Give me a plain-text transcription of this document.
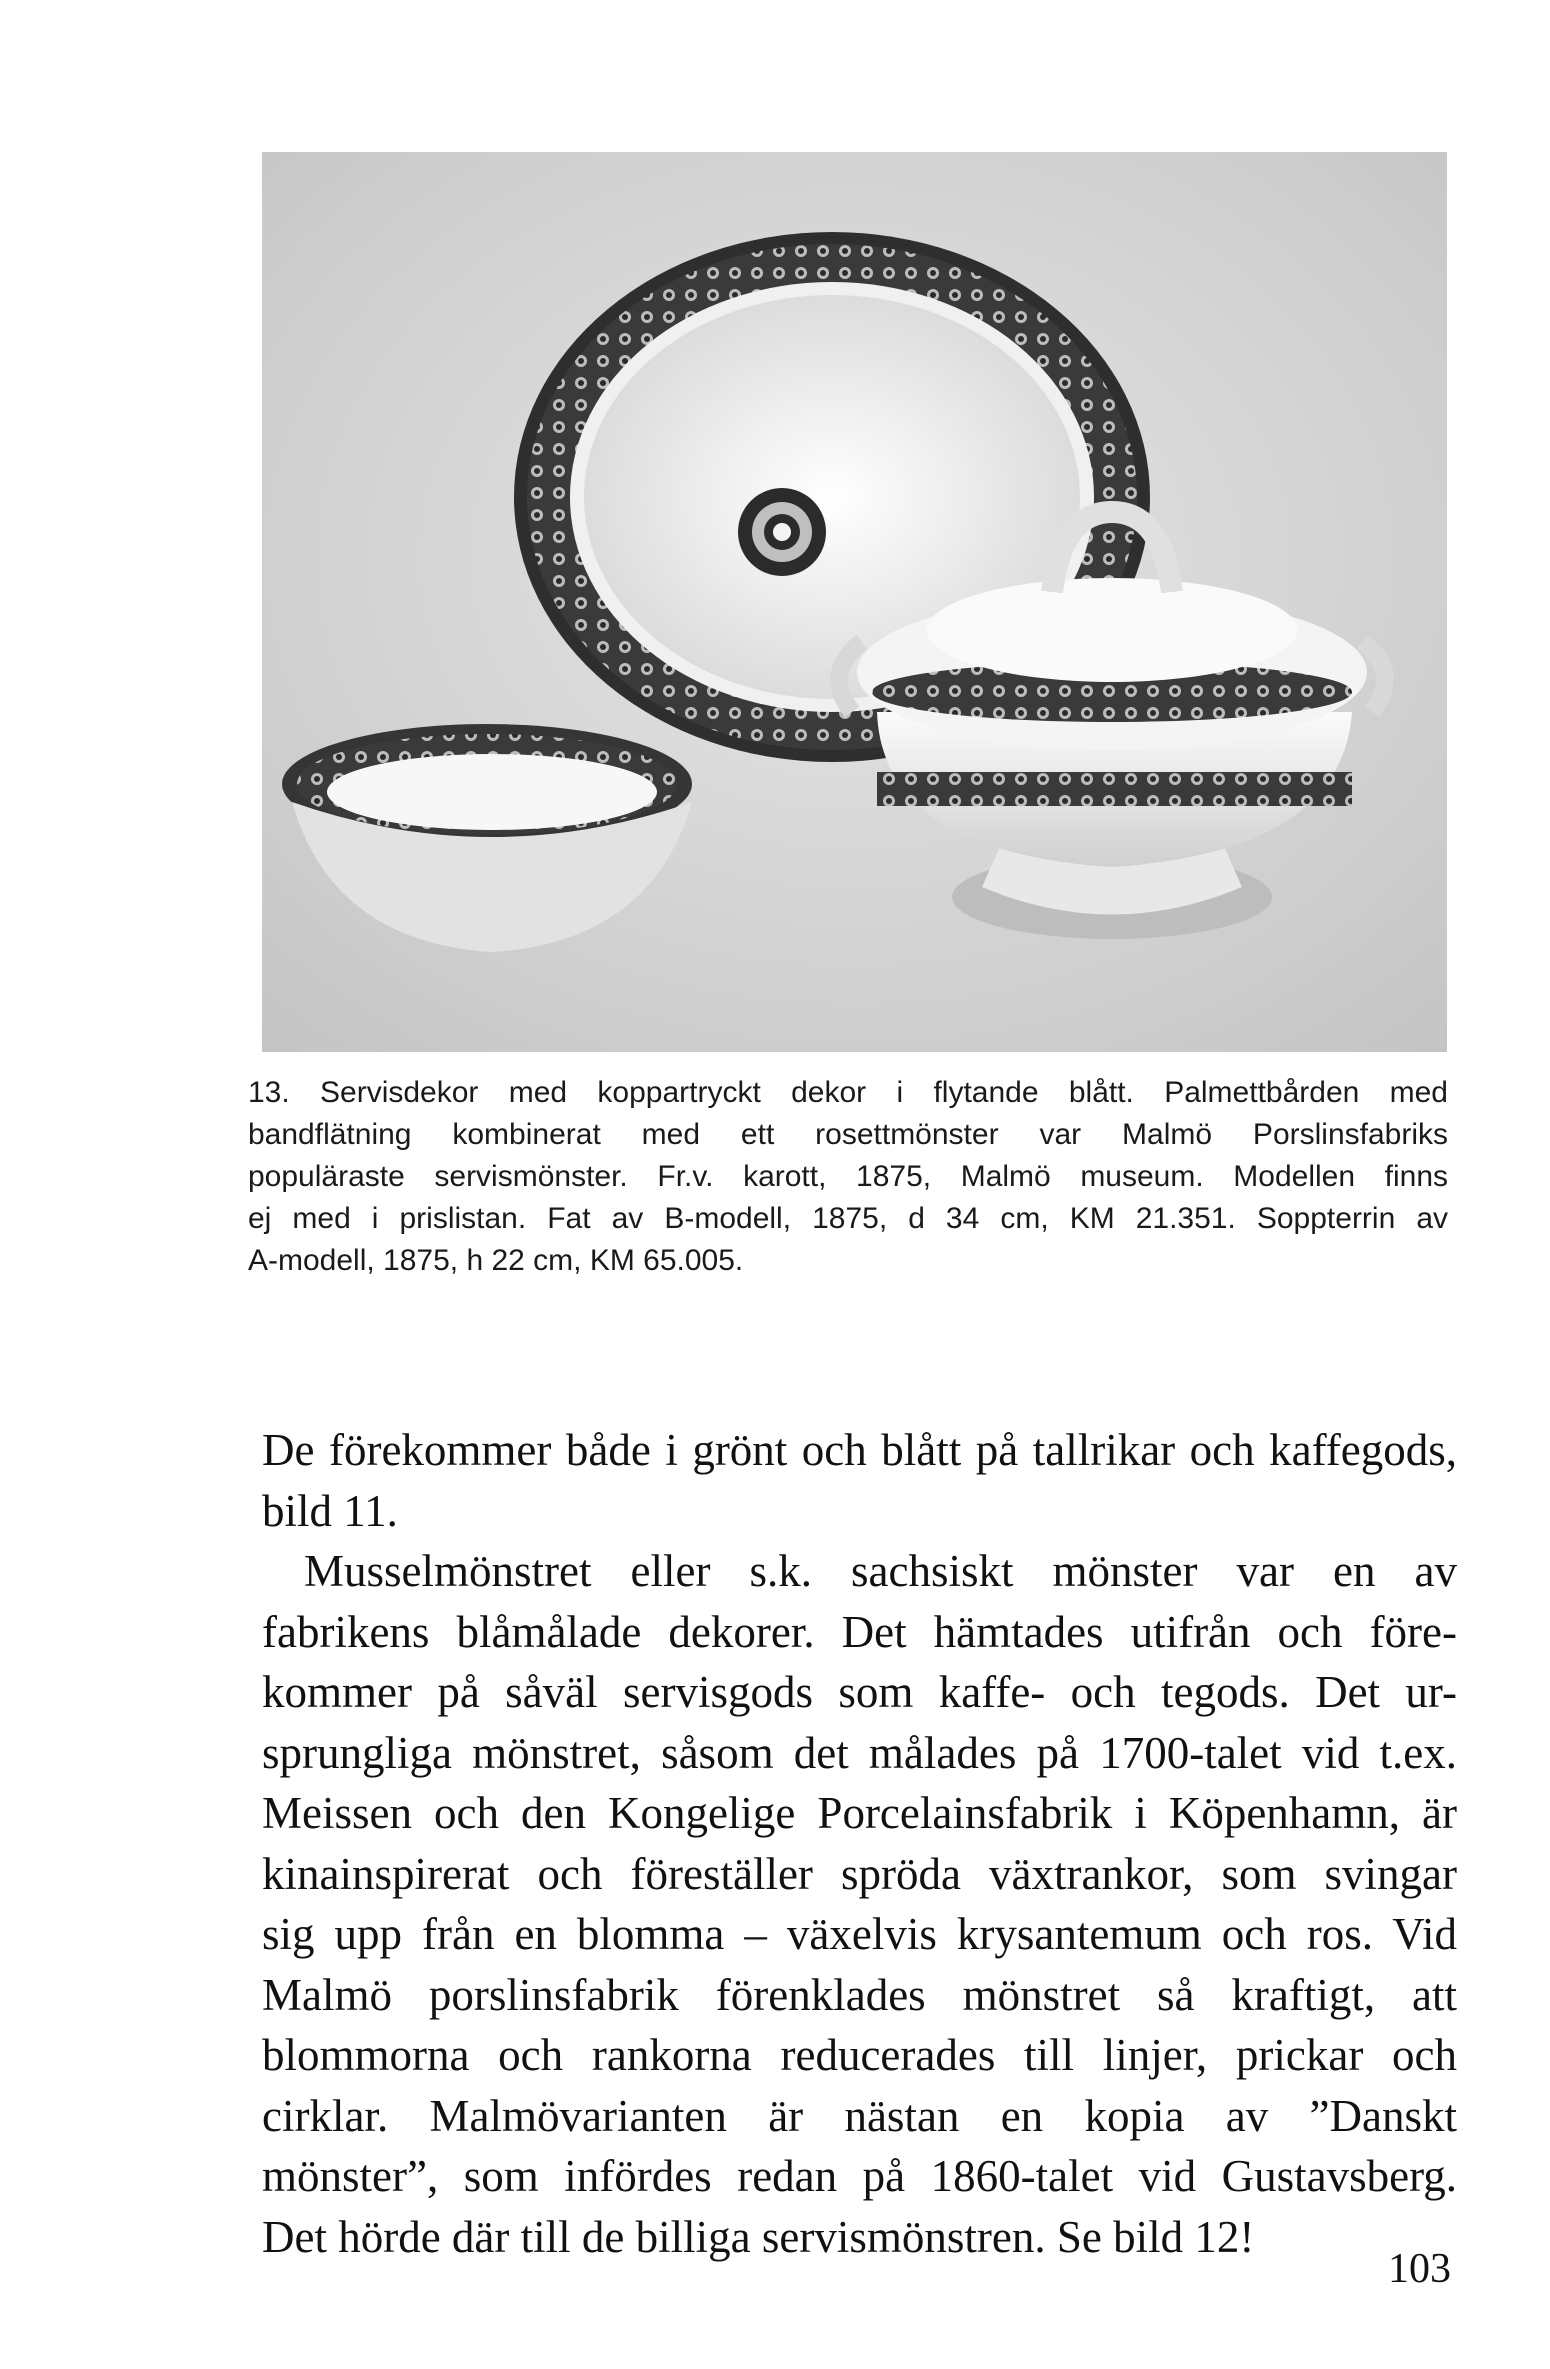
13. Servisdekor med koppartryckt dekor i flytande blått. Palmettbården med
bandflätning kombinerat med ett rosettmönster var Malmö Porslinsfabriks
populäraste servismönster. Fr.v. karott, 1875, Malmö museum. Modellen finns
ej med i prislistan. Fat av B-modell, 1875, d 34 cm, KM 21.351. Soppterrin av
A-modell, 1875, h 22 cm, KM 65.005.
De förekommer både i grönt och blått på tallrikar och kaffegods,
bild 11.
Musselmönstret eller s.k. sachsiskt mönster var en av
fabrikens blåmålade dekorer. Det hämtades utifrån och före-
kommer på såväl servisgods som kaffe- och tegods. Det ur-
sprungliga mönstret, såsom det målades på 1700-talet vid t.ex.
Meissen och den Kongelige Porcelainsfabrik i Köpenhamn, är
kinainspirerat och föreställer spröda växtrankor, som svingar
sig upp från en blomma – växelvis krysantemum och ros. Vid
Malmö porslinsfabrik förenklades mönstret så kraftigt, att
blommorna och rankorna reducerades till linjer, prickar och
cirklar. Malmövarianten är nästan en kopia av ”Danskt
mönster”, som infördes redan på 1860-talet vid Gustavsberg.
Det hörde där till de billiga servismönstren. Se bild 12!
103
